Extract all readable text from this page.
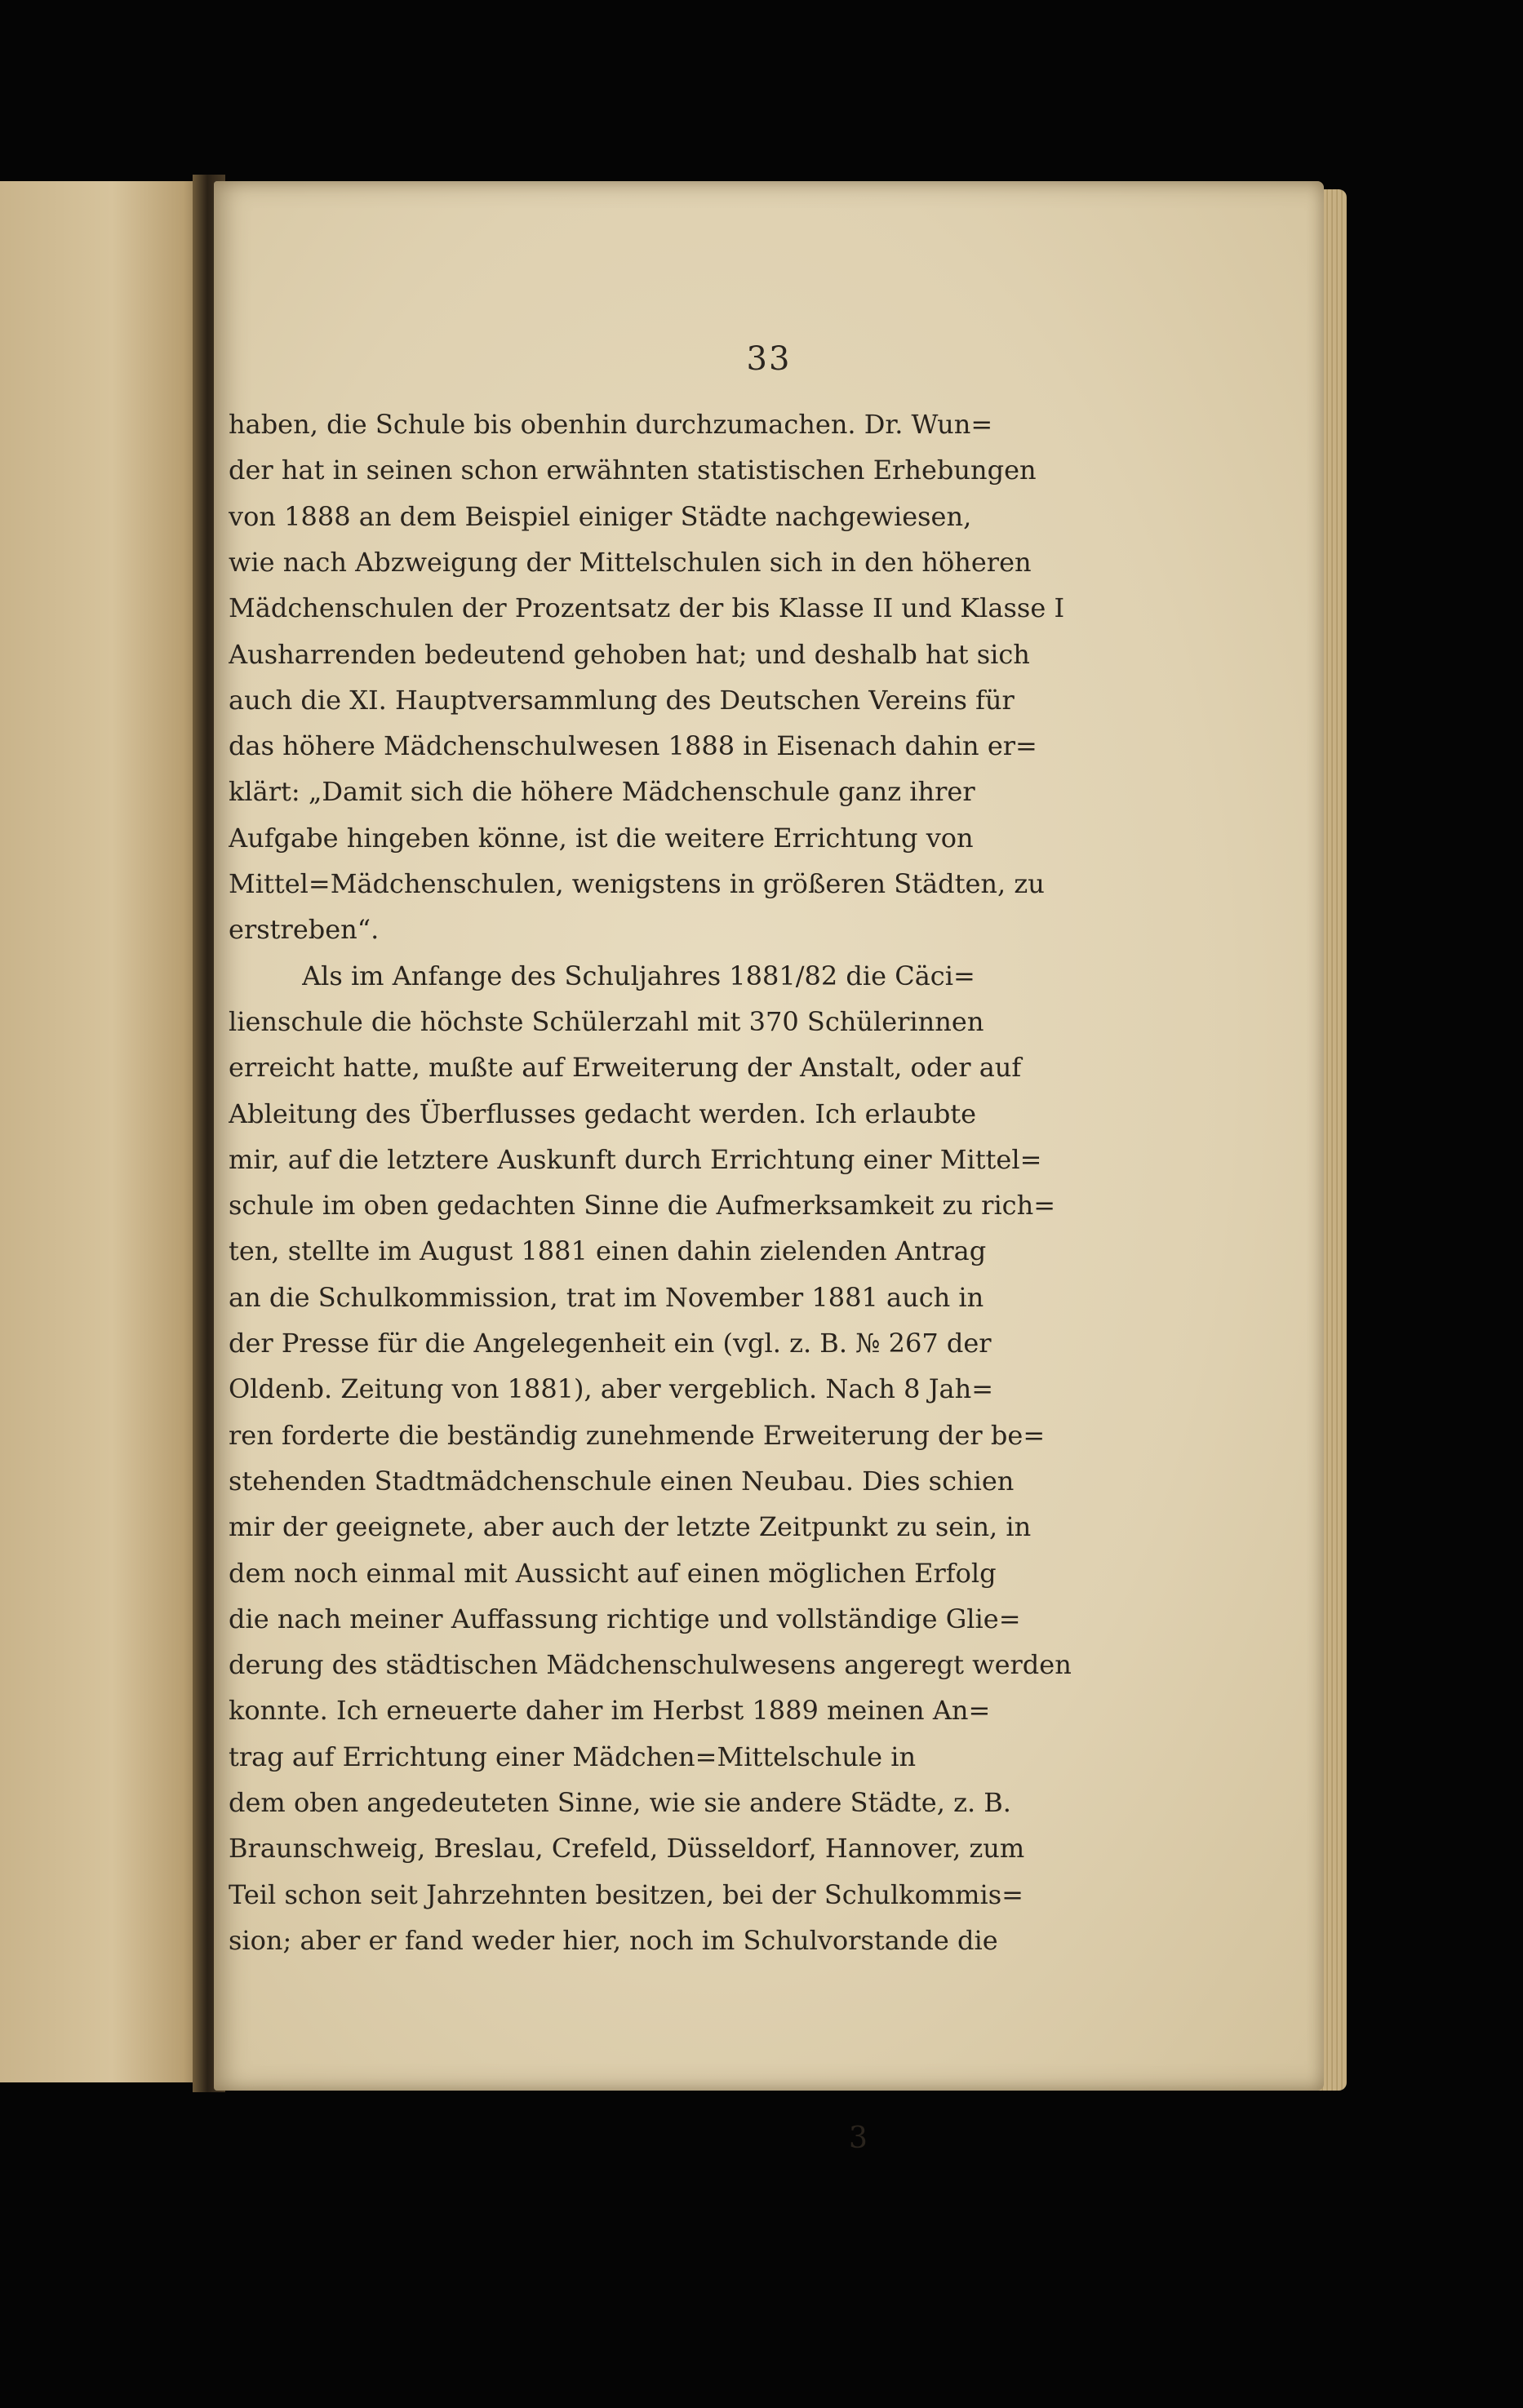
33
haben, die Schule bis obenhin durchzumachen. Dr. Wun=
der hat in seinen schon erwähnten statistischen Erhebungen
von 1888 an dem Beispiel einiger Städte nachgewiesen,
wie nach Abzweigung der Mittelschulen sich in den höheren
Mädchenschulen der Prozentsatz der bis Klasse II und Klasse I
Ausharrenden bedeutend gehoben hat; und deshalb hat sich
auch die XI. Hauptversammlung des Deutschen Vereins für
das höhere Mädchenschulwesen 1888 in Eisenach dahin er=
klärt: „Damit sich die höhere Mädchenschule ganz ihrer
Aufgabe hingeben könne, ist die weitere Errichtung von
Mittel=Mädchenschulen, wenigstens in größeren Städten, zu
erstreben“.
Als im Anfange des Schuljahres 1881/82 die Cäci=
lienschule die höchste Schülerzahl mit 370 Schülerinnen
erreicht hatte, mußte auf Erweiterung der Anstalt, oder auf
Ableitung des Überflusses gedacht werden. Ich erlaubte
mir, auf die letztere Auskunft durch Errichtung einer Mittel=
schule im oben gedachten Sinne die Aufmerksamkeit zu rich=
ten, stellte im August 1881 einen dahin zielenden Antrag
an die Schulkommission, trat im November 1881 auch in
der Presse für die Angelegenheit ein (vgl. z. B. № 267 der
Oldenb. Zeitung von 1881), aber vergeblich. Nach 8 Jah=
ren forderte die beständig zunehmende Erweiterung der be=
stehenden Stadtmädchenschule einen Neubau. Dies schien
mir der geeignete, aber auch der letzte Zeitpunkt zu sein, in
dem noch einmal mit Aussicht auf einen möglichen Erfolg
die nach meiner Auffassung richtige und vollständige Glie=
derung des städtischen Mädchenschulwesens angeregt werden
konnte. Ich erneuerte daher im Herbst 1889 meinen An=
trag auf Errichtung einer Mädchen=Mittelschule in
dem oben angedeuteten Sinne, wie sie andere Städte, z. B.
Braunschweig, Breslau, Crefeld, Düsseldorf, Hannover, zum
Teil schon seit Jahrzehnten besitzen, bei der Schulkommis=
sion; aber er fand weder hier, noch im Schulvorstande die
3
